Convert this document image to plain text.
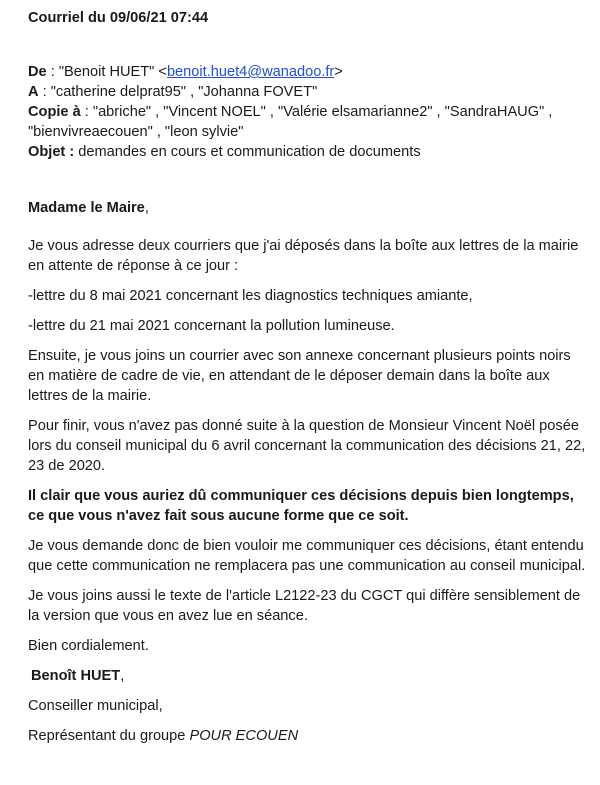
Courriel du 09/06/21 07:44

De : "Benoit HUET" <benoit.huet4@wanadoo.fr>

A : "catherine delprat95" , "Johanna FOVET"

Copie à : "abriche" , "Vincent NOEL" , "Valérie elsamarianne2" , "SandraHAUG" , "bienvivreaecouen" , "leon sylvie"

Objet : demandes en cours et communication de documents

Madame le Maire,

Je vous adresse deux courriers que j'ai déposés dans la boîte aux lettres de la mairie en attente de réponse à ce jour :

-lettre du 8 mai 2021 concernant les diagnostics techniques amiante,

-lettre du 21 mai 2021 concernant la pollution lumineuse.

Ensuite, je vous joins un courrier avec son annexe concernant plusieurs points noirs en matière de cadre de vie, en attendant de le déposer demain dans la boîte aux lettres de la mairie.

Pour finir, vous n'avez pas donné suite à la question de Monsieur Vincent Noël posée lors du conseil municipal du 6 avril concernant la communication des décisions 21, 22, 23 de 2020.

Il clair que vous auriez dû communiquer ces décisions depuis bien longtemps, ce que vous n'avez fait sous aucune forme que ce soit.

Je vous demande donc de bien vouloir me communiquer ces décisions, étant entendu que cette communication ne remplacera pas une communication au conseil municipal.

Je vous joins aussi le texte de l'article L2122-23 du CGCT qui diffère sensiblement de la version que vous en avez lue en séance.

Bien cordialement.

Benoît HUET,

Conseiller municipal,

Représentant du groupe POUR ECOUEN
